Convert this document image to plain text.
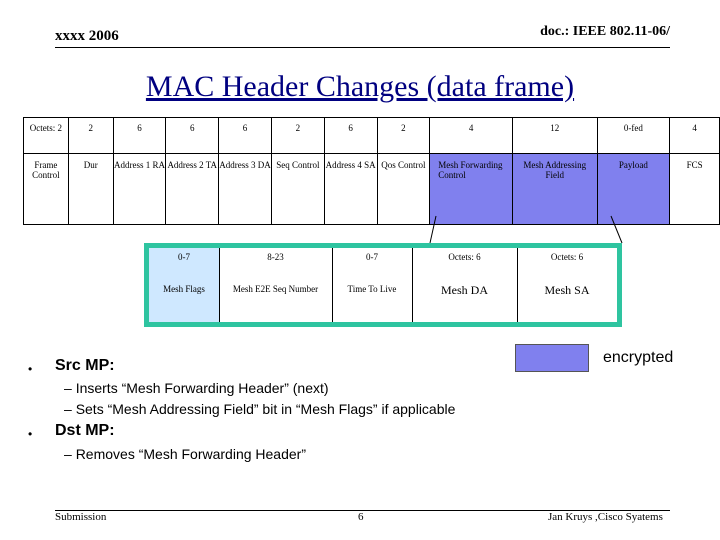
xxxx 2006	doc.: IEEE 802.11-06/
MAC Header Changes (data frame)
Octets: 2	2	6	6	6	2	6	2	4	12	0-fed	4
Frame Control	Dur	Address 1 RA	Address 2 TA	Address 3 DA	Seq Control	Address 4 SA	Qos Control	Mesh Forwarding Control	Mesh Addressing Field	Payload	FCS
0-7	8-23	0-7	Octets: 6	Octets: 6
Mesh Flags	Mesh E2E Seq Number	Time To Live	Mesh DA	Mesh SA
encrypted
• Src MP:
– Inserts “Mesh Forwarding Header” (next)
– Sets “Mesh Addressing Field” bit in “Mesh Flags” if applicable
• Dst MP:
– Removes “Mesh Forwarding Header”
Submission	6	Jan Kruys ,Cisco Syatems
